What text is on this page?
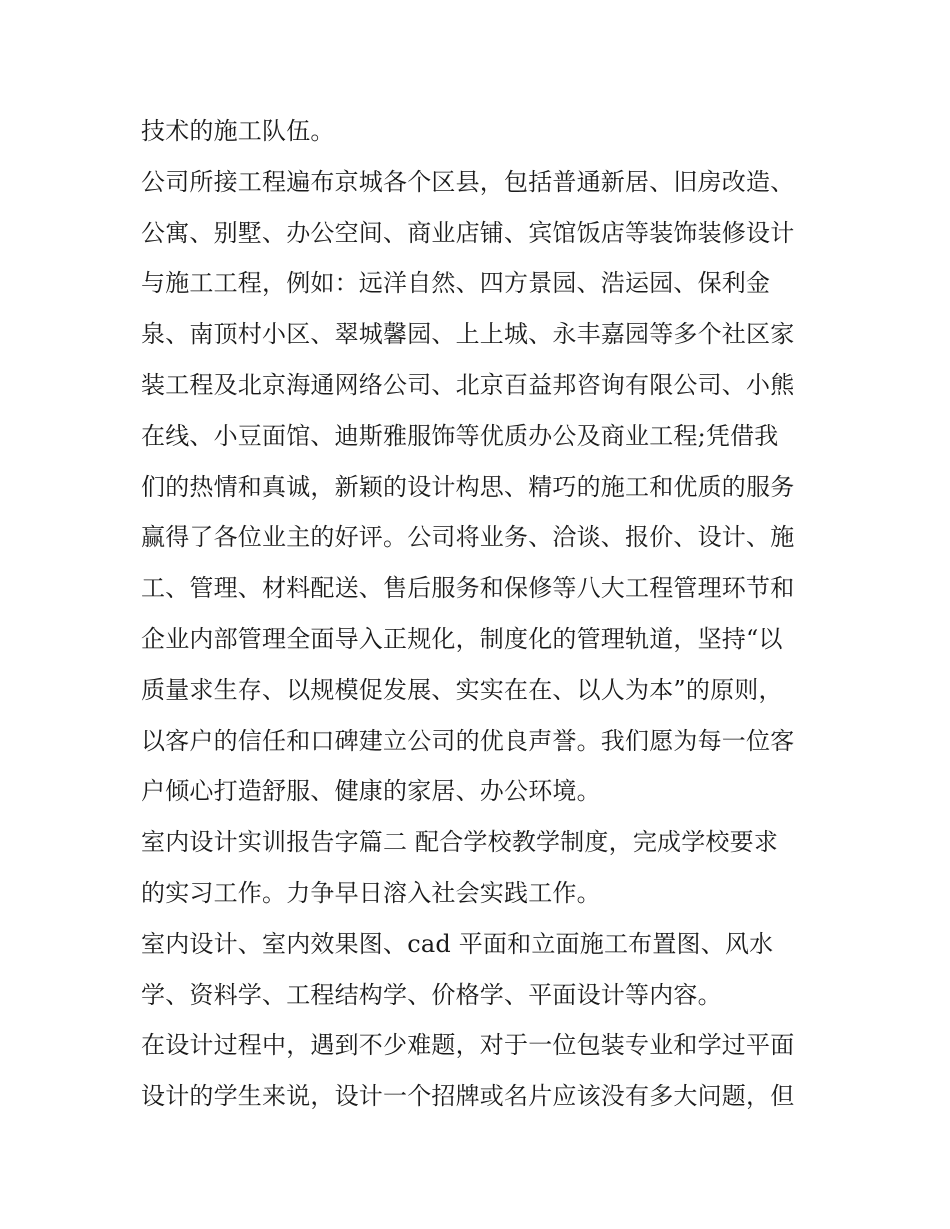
技术的施工队伍。
公司所接工程遍布京城各个区县，包括普通新居、旧房改造、
公寓、别墅、办公空间、商业店铺、宾馆饭店等装饰装修设计
与施工工程，例如：远洋自然、四方景园、浩运园、保利金
泉、南顶村小区、翠城馨园、上上城、永丰嘉园等多个社区家
装工程及北京海通网络公司、北京百益邦咨询有限公司、小熊
在线、小豆面馆、迪斯雅服饰等优质办公及商业工程;凭借我
们的热情和真诚，新颖的设计构思、精巧的施工和优质的服务
赢得了各位业主的好评。公司将业务、洽谈、报价、设计、施
工、管理、材料配送、售后服务和保修等八大工程管理环节和
企业内部管理全面导入正规化，制度化的管理轨道，坚持“以
质量求生存、以规模促发展、实实在在、以人为本”的原则，
以客户的信任和口碑建立公司的优良声誉。我们愿为每一位客
户倾心打造舒服、健康的家居、办公环境。
室内设计实训报告字篇二 配合学校教学制度，完成学校要求
的实习工作。力争早日溶入社会实践工作。
室内设计、室内效果图、cad 平面和立面施工布置图、风水
学、资料学、工程结构学、价格学、平面设计等内容。
在设计过程中，遇到不少难题，对于一位包装专业和学过平面
设计的学生来说，设计一个招牌或名片应该没有多大问题，但
